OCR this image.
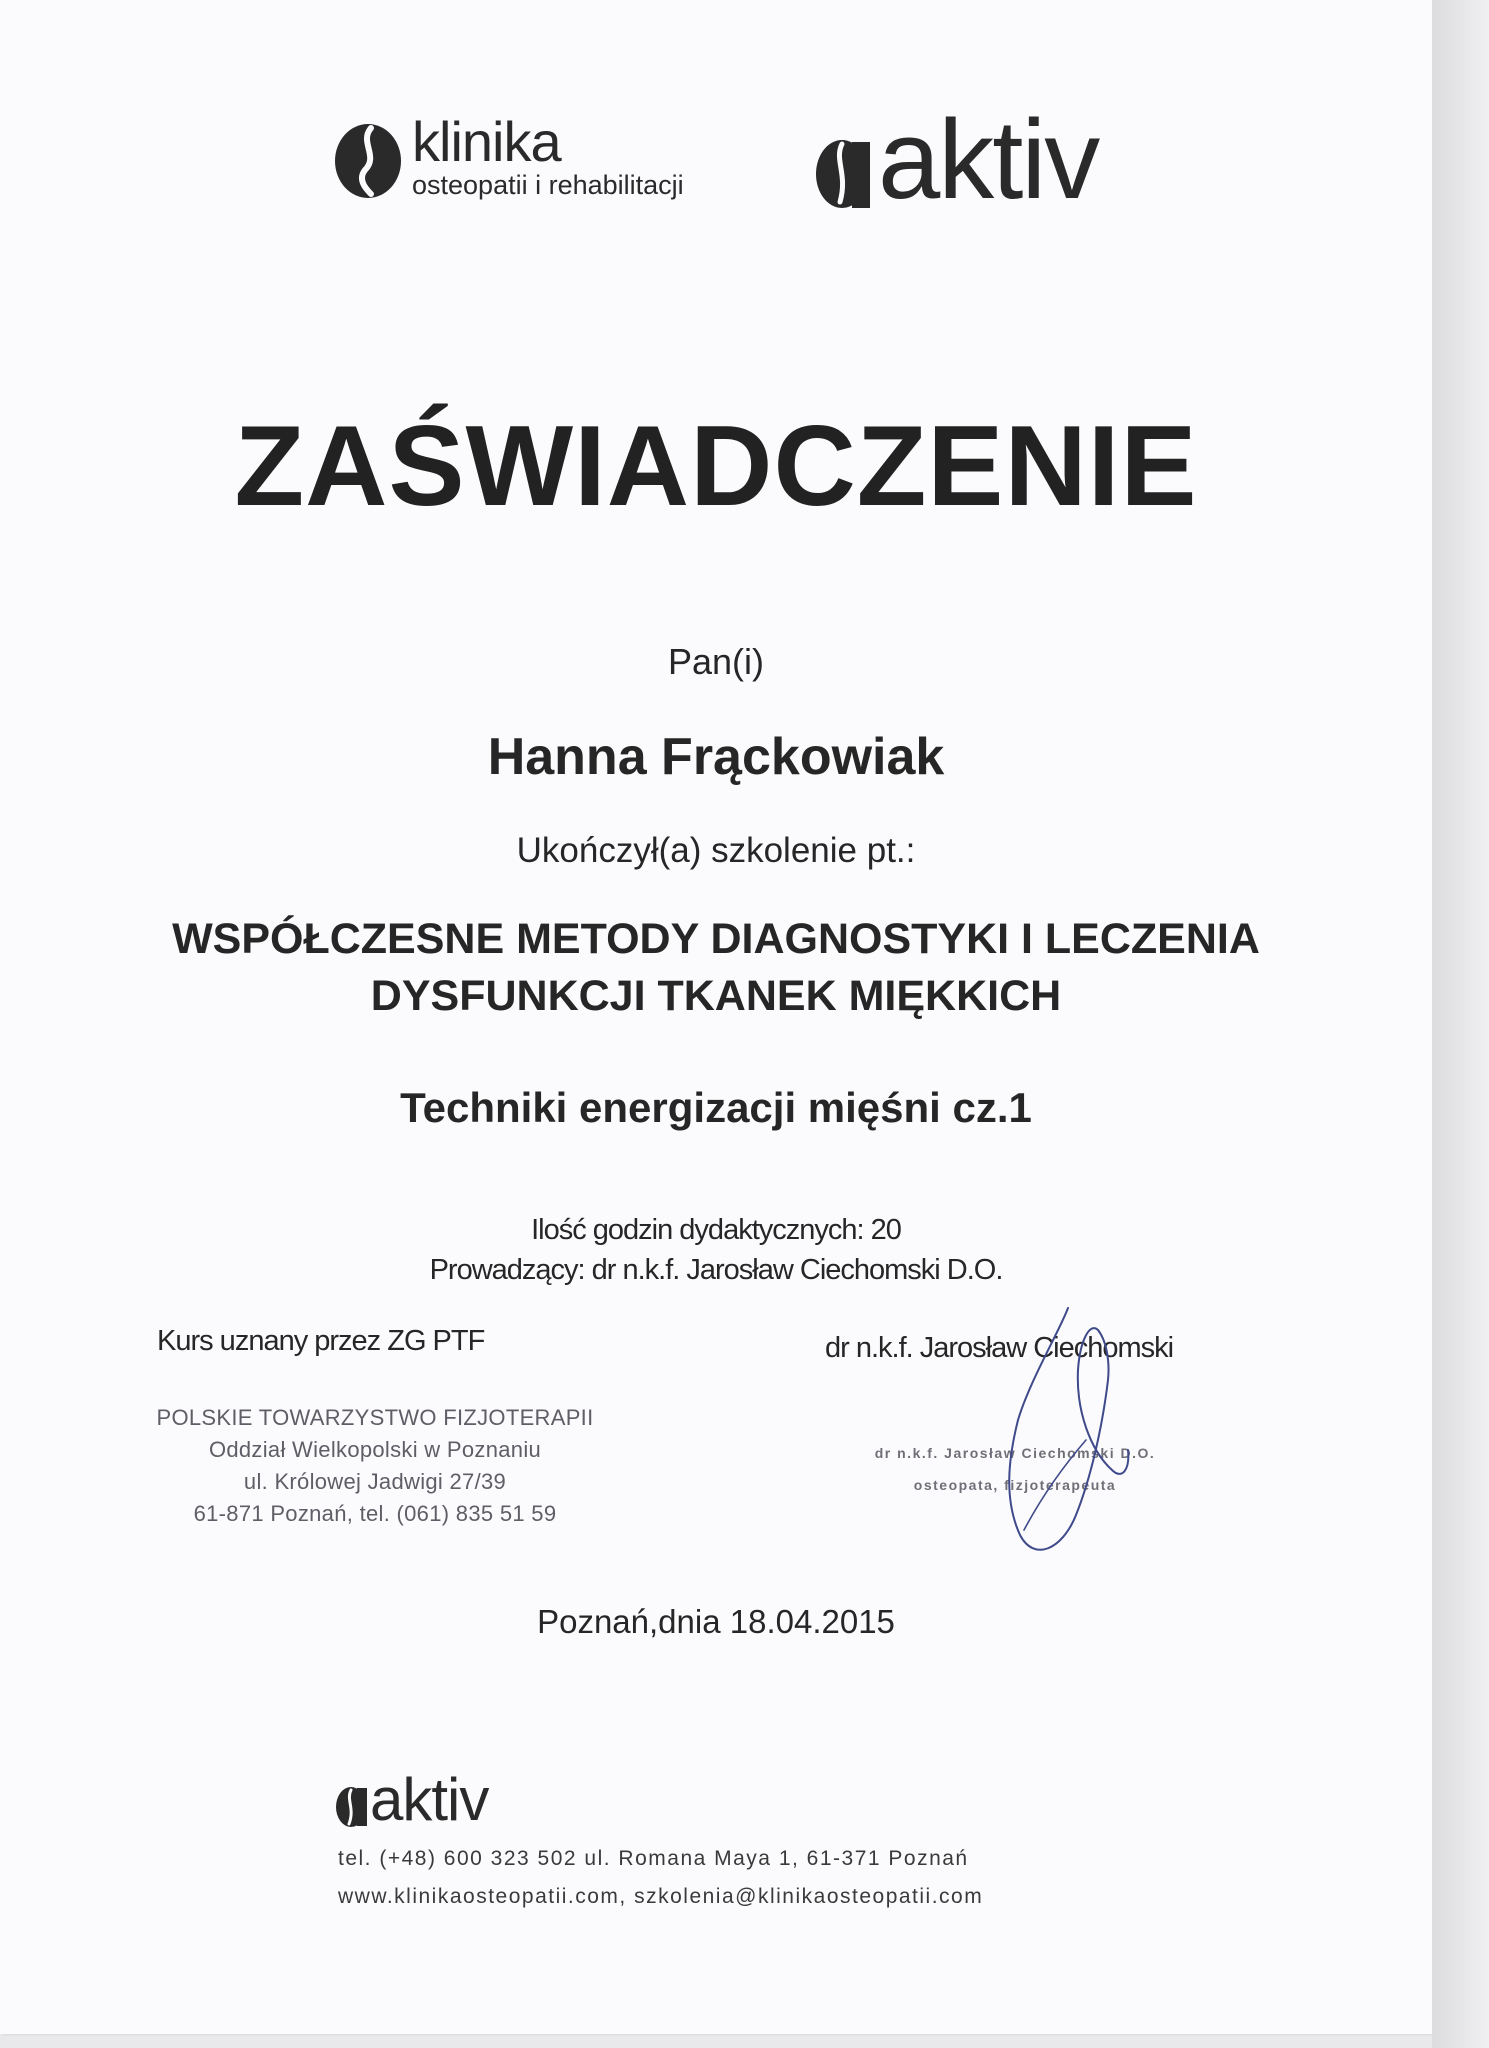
klinika
osteopatii i rehabilitacji aktiv
ZAŚWIADCZENIE
Pan(i)
Hanna Frąckowiak
Ukończył(a) szkolenie pt.:
WSPÓŁCZESNE METODY DIAGNOSTYKI I LECZENIA
DYSFUNKCJI TKANEK MIĘKKICH
Techniki energizacji mięśni cz.1
Ilość godzin dydaktycznych: 20
Prowadzący: dr n.k.f. Jarosław Ciechomski D.O.
Kurs uznany przez ZG PTF	dr n.k.f. Jarosław Ciechomski
POLSKIE TOWARZYSTWO FIZJOTERAPII
Oddział Wielkopolski w Poznaniu
ul. Królowej Jadwigi 27/39
61-871 Poznań, tel. (061) 835 51 59
dr n.k.f. Jarosław Ciechomski D.O.
osteopata, fizjoterapeuta
Poznań,dnia 18.04.2015
aktiv
tel. (+48) 600 323 502 ul. Romana Maya 1, 61-371 Poznań
www.klinikaosteopatii.com, szkolenia@klinikaosteopatii.com
